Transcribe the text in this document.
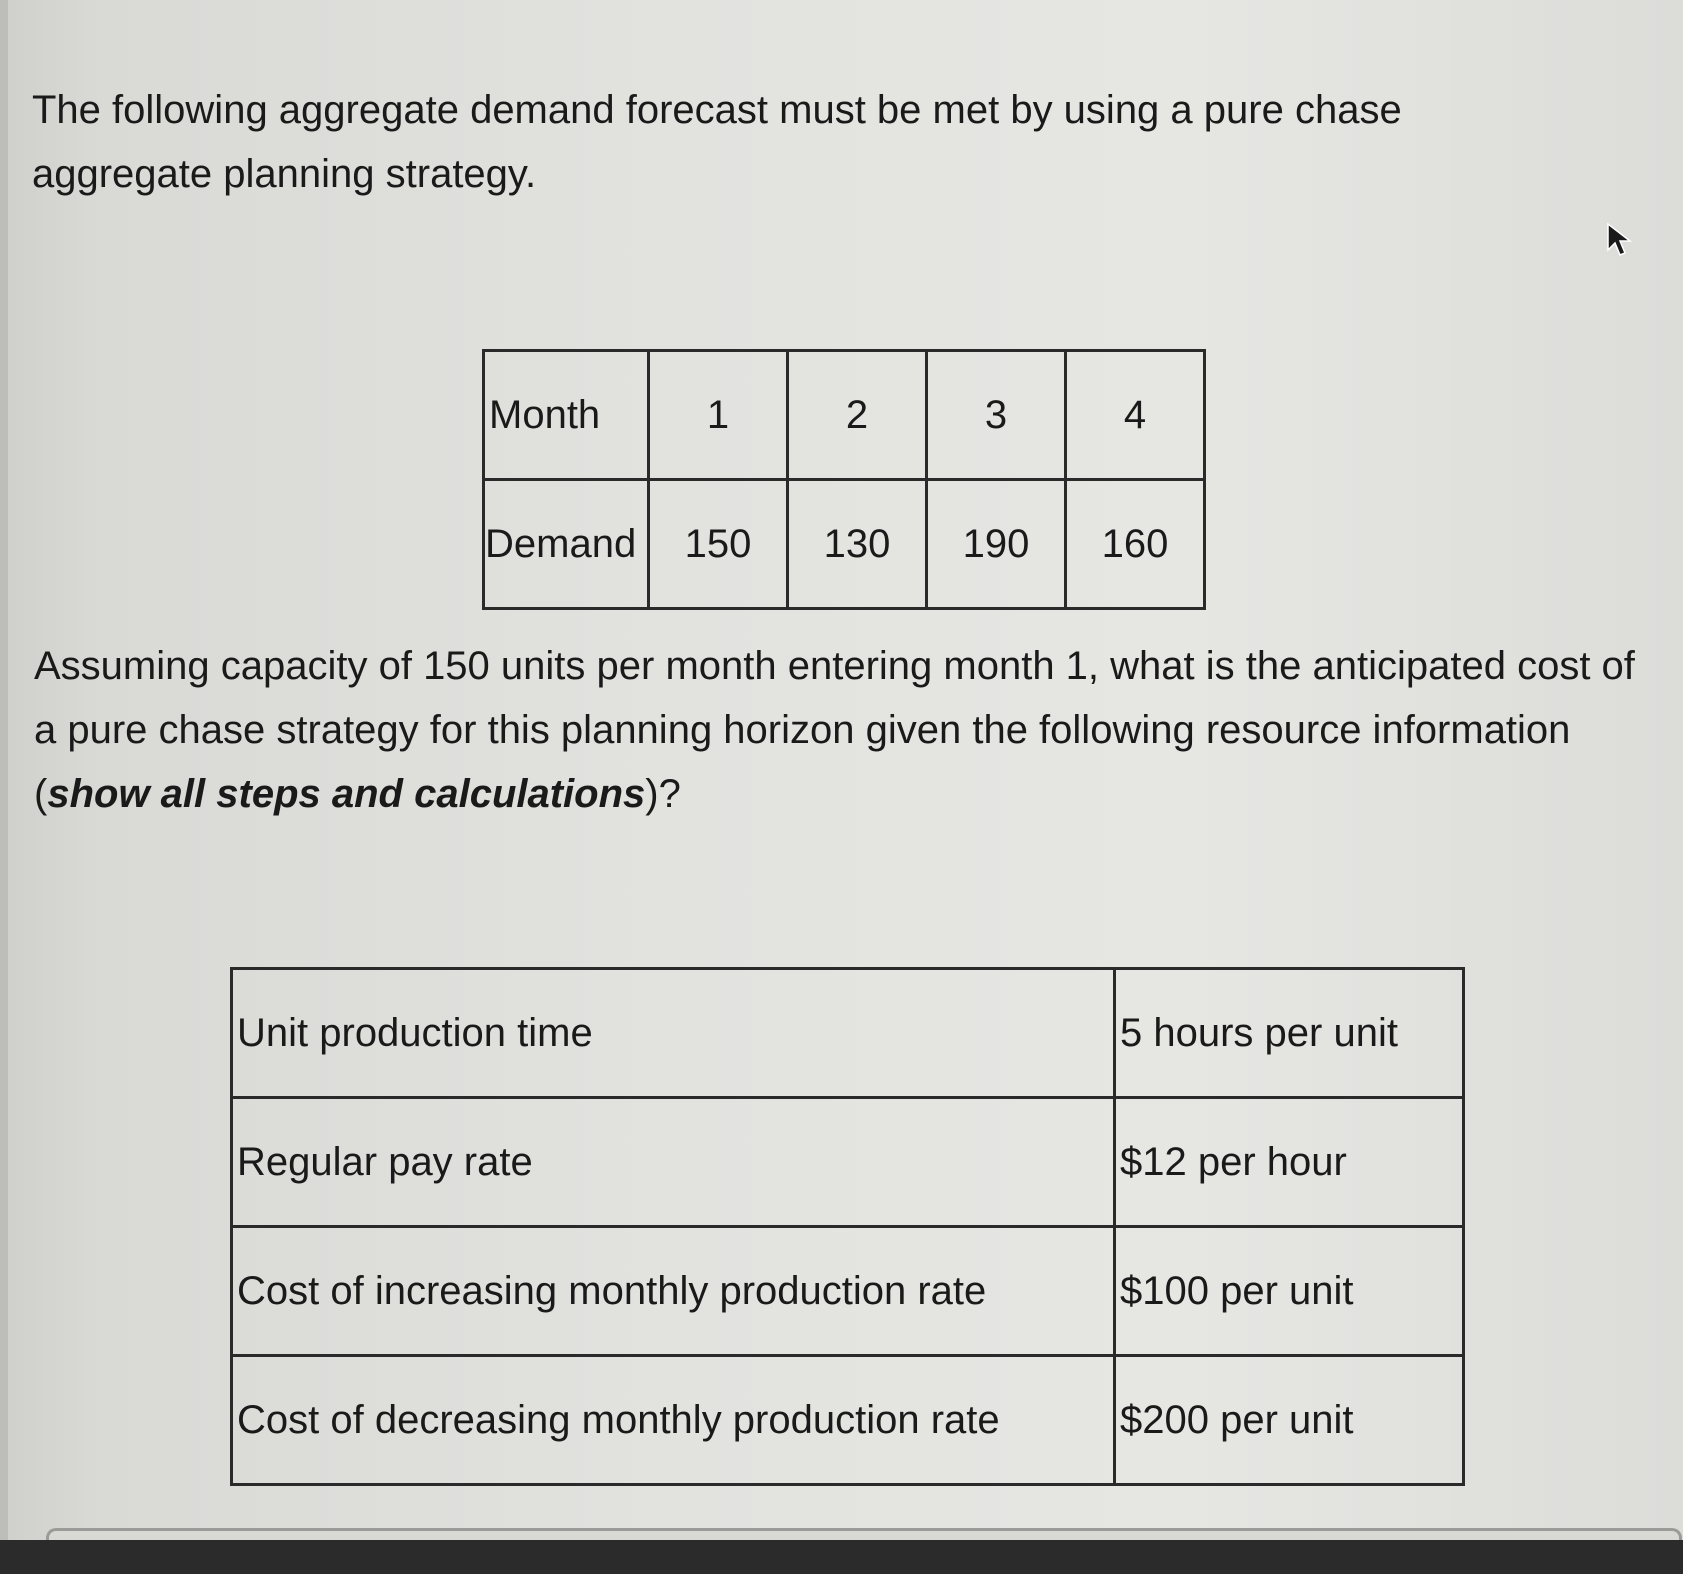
The following aggregate demand forecast must be met by using a pure chase aggregate planning strategy.

Month	1	2	3	4
Demand	150	130	190	160

Assuming capacity of 150 units per month entering month 1, what is the anticipated cost of a pure chase strategy for this planning horizon given the following resource information (show all steps and calculations)?

Unit production time	5 hours per unit
Regular pay rate	$12 per hour
Cost of increasing monthly production rate	$100 per unit
Cost of decreasing monthly production rate	$200 per unit
